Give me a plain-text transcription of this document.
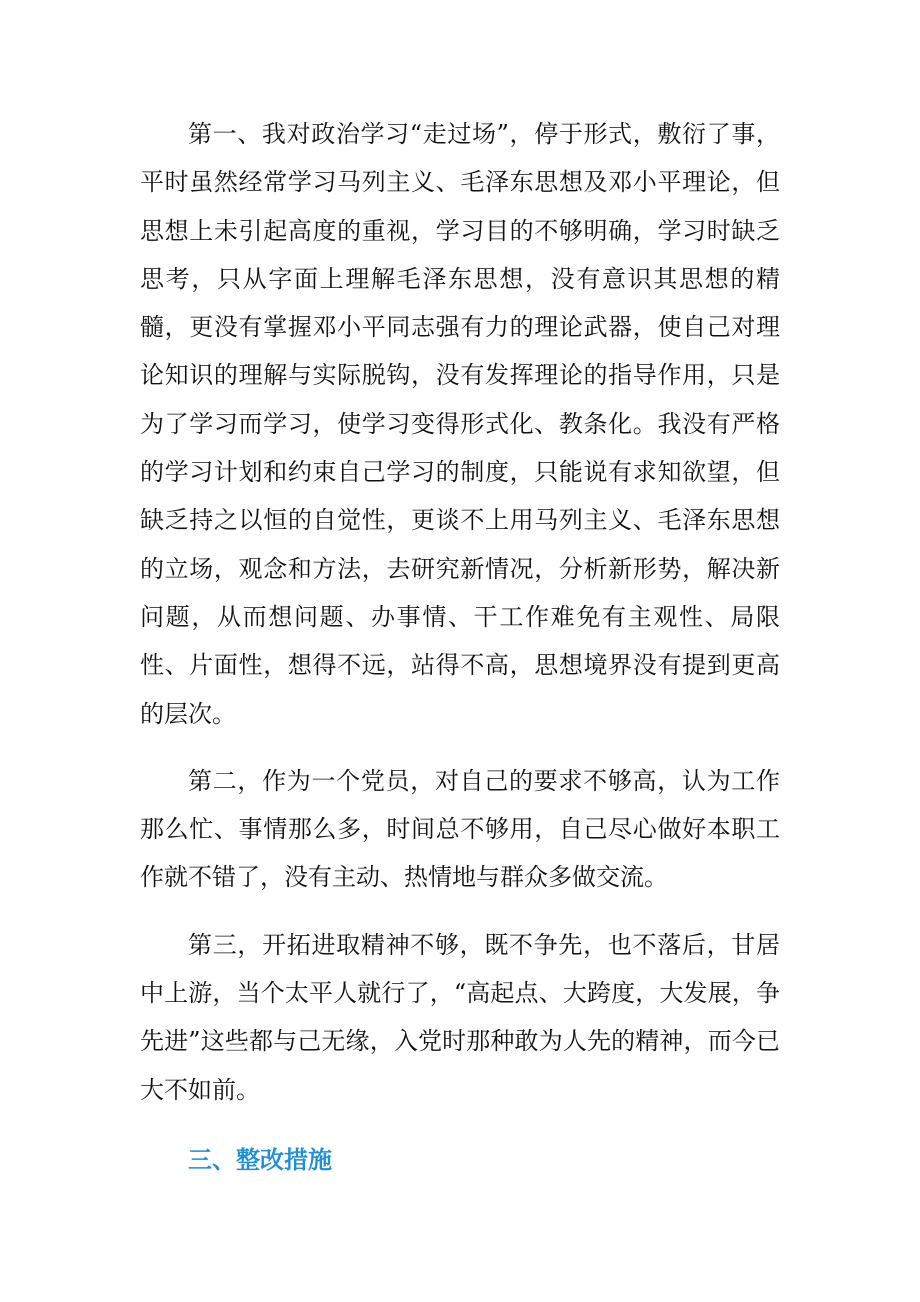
第一、我对政治学习“走过场”，停于形式，敷衍了事，平时虽然经常学习马列主义、毛泽东思想及邓小平理论，但思想上未引起高度的重视，学习目的不够明确，学习时缺乏思考，只从字面上理解毛泽东思想，没有意识其思想的精髓，更没有掌握邓小平同志强有力的理论武器，使自己对理论知识的理解与实际脱钩，没有发挥理论的指导作用，只是为了学习而学习，使学习变得形式化、教条化。我没有严格的学习计划和约束自己学习的制度，只能说有求知欲望，但缺乏持之以恒的自觉性，更谈不上用马列主义、毛泽东思想的立场，观念和方法，去研究新情况，分析新形势，解决新问题，从而想问题、办事情、干工作难免有主观性、局限性、片面性，想得不远，站得不高，思想境界没有提到更高的层次。

第二，作为一个党员，对自己的要求不够高，认为工作那么忙、事情那么多，时间总不够用，自己尽心做好本职工作就不错了，没有主动、热情地与群众多做交流。

第三，开拓进取精神不够，既不争先，也不落后，甘居中上游，当个太平人就行了，“高起点、大跨度，大发展，争先进”这些都与己无缘，入党时那种敢为人先的精神，而今已大不如前。

三、整改措施
